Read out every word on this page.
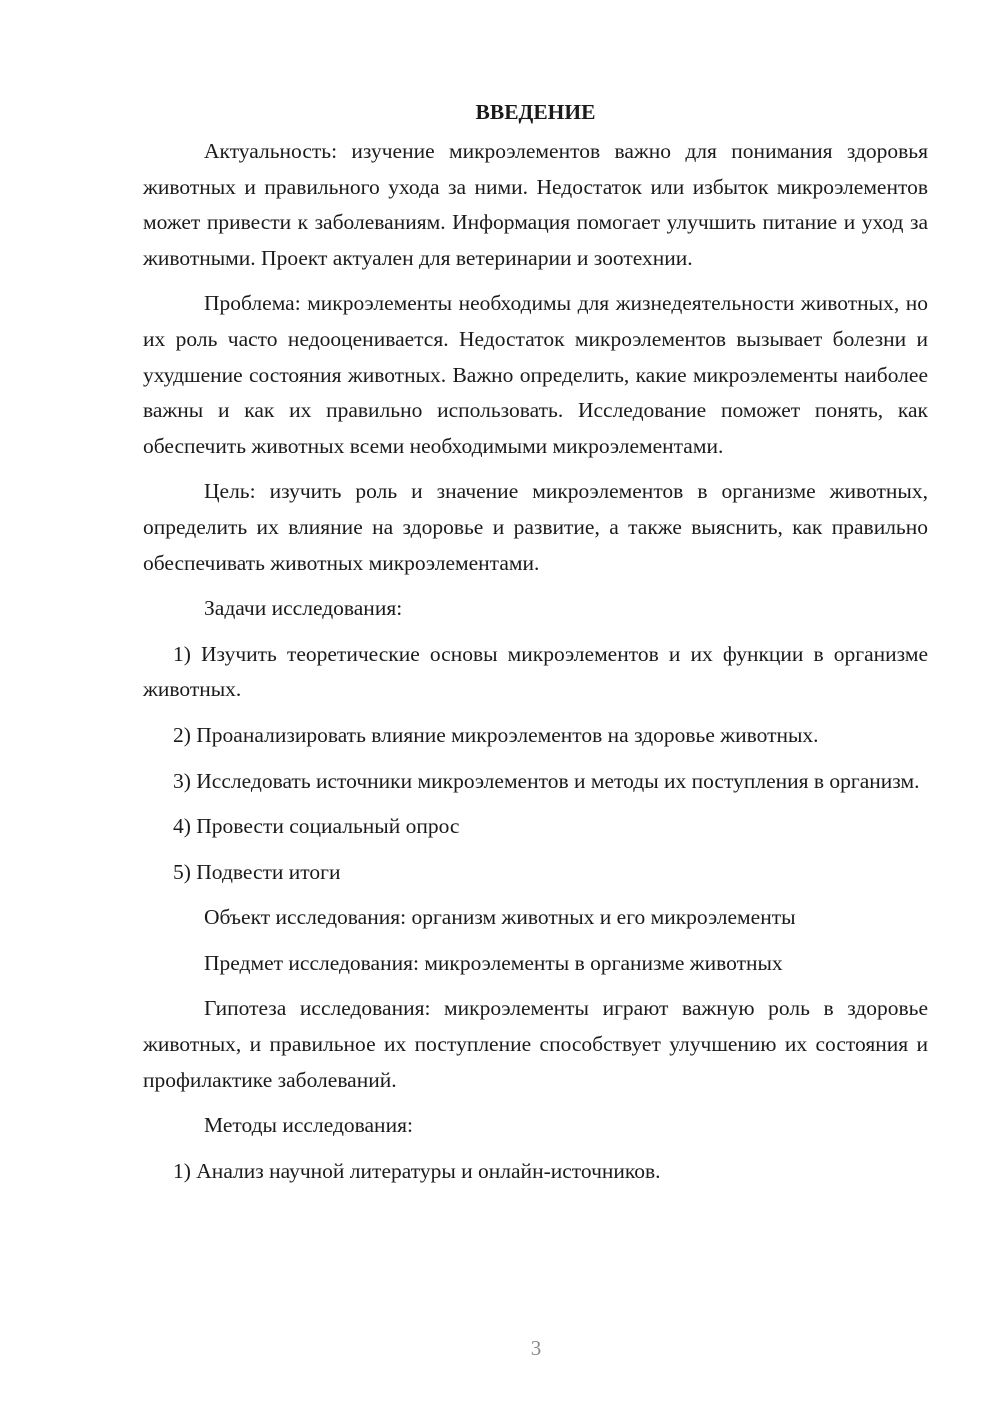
ВВЕДЕНИЕ

Актуальность: изучение микроэлементов важно для понимания здоровья животных и правильного ухода за ними. Недостаток или избыток микроэлементов может привести к заболеваниям. Информация помогает улучшить питание и уход за животными. Проект актуален для ветеринарии и зоотехнии.

Проблема: микроэлементы необходимы для жизнедеятельности животных, но их роль часто недооценивается. Недостаток микроэлементов вызывает болезни и ухудшение состояния животных. Важно определить, какие микроэлементы наиболее важны и как их правильно использовать. Исследование поможет понять, как обеспечить животных всеми необходимыми микроэлементами.

Цель: изучить роль и значение микроэлементов в организме животных, определить их влияние на здоровье и развитие, а также выяснить, как правильно обеспечивать животных микроэлементами.

Задачи исследования:

1) Изучить теоретические основы микроэлементов и их функции в организме животных.

2) Проанализировать влияние микроэлементов на здоровье животных.

3) Исследовать источники микроэлементов и методы их поступления в организм.

4) Провести социальный опрос

5) Подвести итоги

Объект исследования: организм животных и его микроэлементы

Предмет исследования: микроэлементы в организме животных

Гипотеза исследования: микроэлементы играют важную роль в здоровье животных, и правильное их поступление способствует улучшению их состояния и профилактике заболеваний.

Методы исследования:

1) Анализ научной литературы и онлайн-источников.

3
